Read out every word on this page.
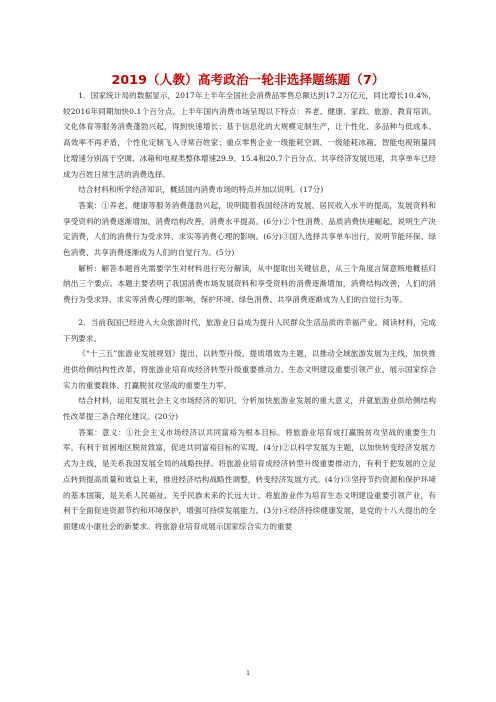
2019（人教）高考政治一轮非选择题练题（7）

1．国家统计局的数据显示，2017年上半年全国社会消费品零售总额达到17.2万亿元，同比增长10.4%，较2016年同期加快0.1个百分点。上半年国内消费市场呈现以下特点：养老、健康、家政、旅游、教育培训、文化体育等服务消费蓬勃兴起，得到快速增长；基于信息化的大规模定制生产，让个性化、多品种与低成本、高效率不再矛盾，个性化定制飞入寻常百姓家；重点零售企业一级能耗空调、一级能耗冰箱、智能电视销量同比增速分别高于空调、冰箱和电视类整体增速29.9、15.4和20.7个百分点。共享经济发展迅速，共享单车已经成为百姓日常生活的消费选择。

结合材料和所学经济知识，概括国内消费市场的特点并加以说明。(17分)

答案：①养老、健康等服务消费蓬勃兴起，说明随着我国经济的发展、居民收入水平的提高，发展资料和享受资料的消费逐渐增加，消费结构改善，消费水平提高。(6分)②个性消费、品质消费快速崛起，说明生产决定消费，人们的消费行为受求异、求实等消费心理的影响。(6分)③国人选择共享单车出行，说明节能环保、绿色消费、共享消费逐渐成为人们的自觉行为。(5分)

解析：解答本题首先需要学生对材料进行充分解读，从中提取出关键信息，从三个角度言简意赅地概括归纳出三个要点。本题主要表明了我国消费市场发展资料和享受资料的消费逐渐增加，消费结构改善，人们的消费行为受求异、求实等消费心理的影响，保护环境、绿色消费、共享消费逐渐成为人们的自觉行为等。

2．当前我国已经进入大众旅游时代，旅游业日益成为提升人民群众生活品质的幸福产业。阅读材料，完成下列要求。

《“十三五”旅游业发展规划》提出，以转型升级、提质增效为主题，以推动全域旅游发展为主线，加快推进供给侧结构性改革，将旅游业培育成经济转型升级重要推动力、生态文明建设重要引领产业、展示国家综合实力的重要载体、打赢脱贫攻坚战的重要生力军。

结合材料，运用发展社会主义市场经济的知识，分析加快旅游业发展的重大意义，并就旅游业供给侧结构性改革提三条合理化建议。(20分)

答案：意义：①社会主义市场经济以共同富裕为根本目标。将旅游业培育成打赢脱贫攻坚战的重要生力军，有利于贫困地区脱贫致富，促进共同富裕目标的实现。(4分)②以科学发展为主题，以加快转变经济发展方式为主线，是关系我国发展全局的战略抉择。将旅游业培育成经济转型升级重要推动力，有利于把发展的立足点转到提高质量和效益上来，推进经济结构战略性调整，转变经济发展方式。(4分)③坚持节约资源和保护环境的基本国策，是关系人民福祉、关乎民族未来的长远大计。将旅游业作为培育生态文明建设重要引领产业，有利于全面促进资源节约和环境保护，增强可持续发展能力。(3分)④经济持续健康发展，是党的十八大提出的全面建成小康社会的新要求。将旅游业培育成展示国家综合实力的重要

1
